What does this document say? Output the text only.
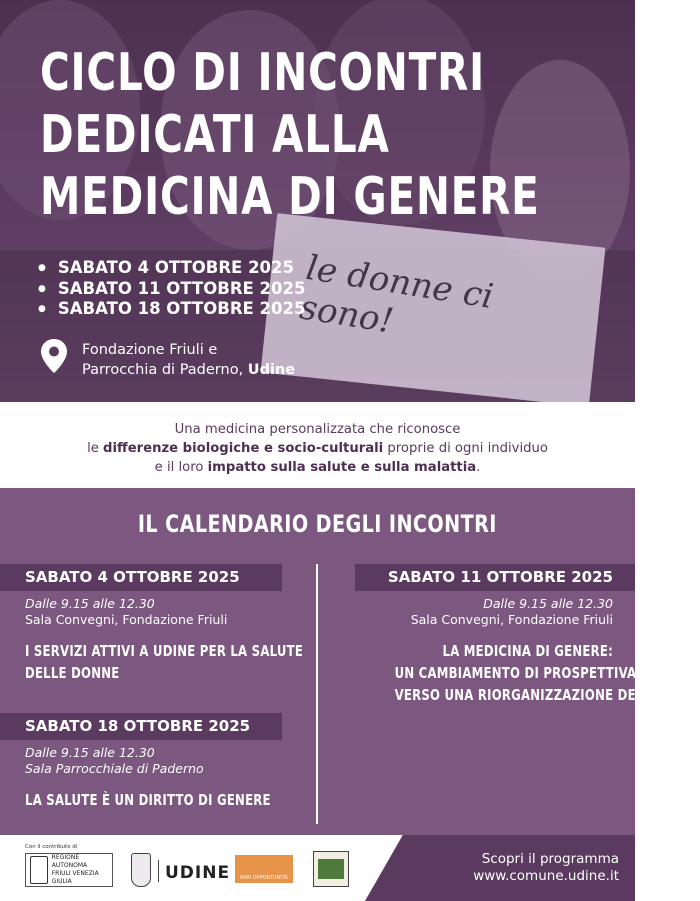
le donne ci sono!
CICLO DI INCONTRI
DEDICATI ALLA
MEDICINA DI GENERE
● SABATO 4 OTTOBRE 2025
● SABATO 11 OTTOBRE 2025
● SABATO 18 OTTOBRE 2025
Fondazione Friuli e
Parrocchia di Paderno, Udine

Una medicina personalizzata che riconosce
le differenze biologiche e socio-culturali proprie di ogni individuo
e il loro impatto sulla salute e sulla malattia.

IL CALENDARIO DEGLI INCONTRI
SABATO 4 OTTOBRE 2025
Dalle 9.15 alle 12.30
Sala Convegni, Fondazione Friuli
I SERVIZI ATTIVI A UDINE PER LA SALUTE
DELLE DONNE
SABATO 11 OTTOBRE 2025
Dalle 9.15 alle 12.30
Sala Convegni, Fondazione Friuli
LA MEDICINA DI GENERE:
UN CAMBIAMENTO DI PROSPETTIVA
VERSO UNA RIORGANIZZAZIONE DEL SAPERE
SABATO 18 OTTOBRE 2025
Dalle 9.15 alle 12.30
Sala Parrocchiale di Paderno
LA SALUTE È UN DIRITTO DI GENERE
Con il contributo di
REGIONE AUTONOMA
FRIULI VENEZIA GIULIA	UDINE	PARI OPPORTUNITÀ
Scopri il programma
www.comune.udine.it
